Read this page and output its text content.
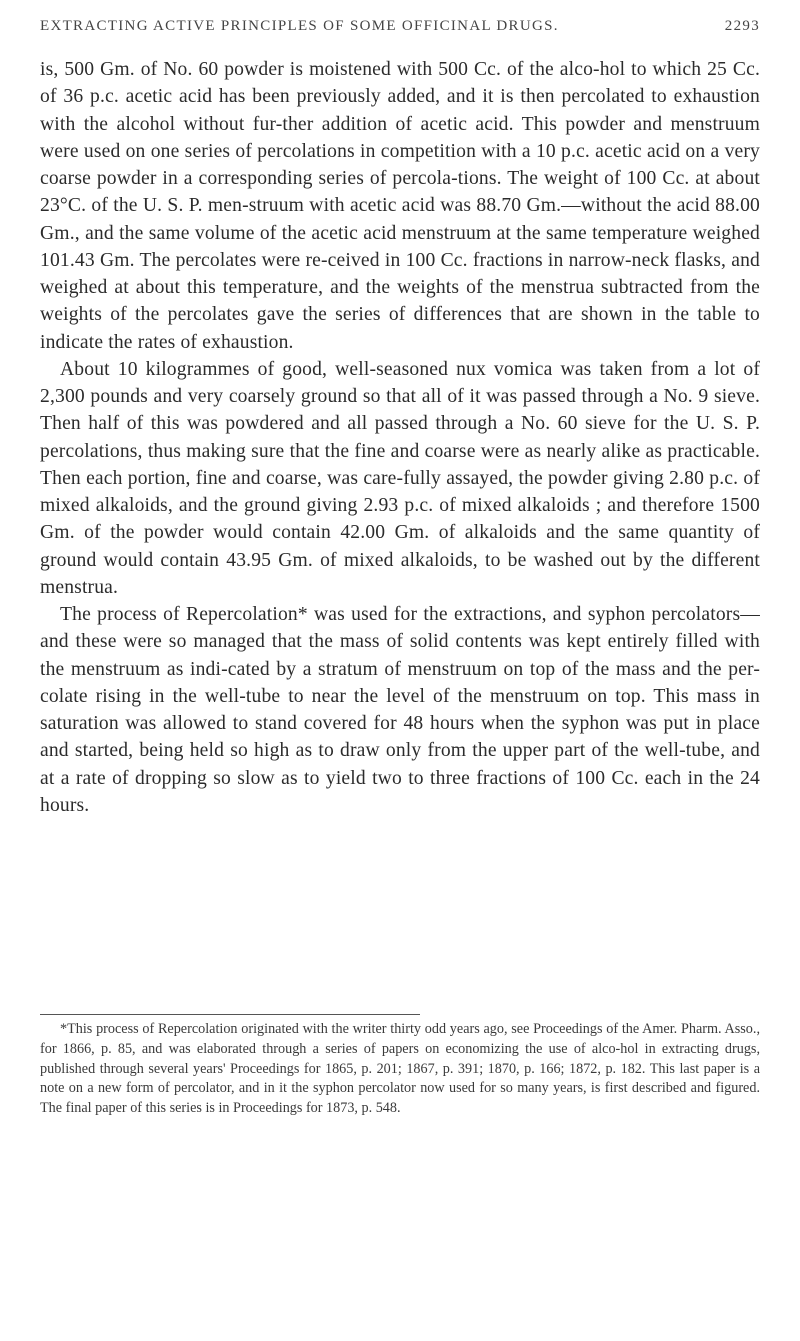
EXTRACTING ACTIVE PRINCIPLES OF SOME OFFICINAL DRUGS.	2293

is, 500 Gm. of No. 60 powder is moistened with 500 Cc. of the alco-hol to which 25 Cc. of 36 p.c. acetic acid has been previously added, and it is then percolated to exhaustion with the alcohol without fur-ther addition of acetic acid. This powder and menstruum were used on one series of percolations in competition with a 10 p.c. acetic acid on a very coarse powder in a corresponding series of percola-tions. The weight of 100 Cc. at about 23°C. of the U. S. P. men-struum with acetic acid was 88.70 Gm.—without the acid 88.00 Gm., and the same volume of the acetic acid menstruum at the same temperature weighed 101.43 Gm. The percolates were re-ceived in 100 Cc. fractions in narrow-neck flasks, and weighed at about this temperature, and the weights of the menstrua subtracted from the weights of the percolates gave the series of differences that are shown in the table to indicate the rates of exhaustion.

About 10 kilogrammes of good, well-seasoned nux vomica was taken from a lot of 2,300 pounds and very coarsely ground so that all of it was passed through a No. 9 sieve. Then half of this was powdered and all passed through a No. 60 sieve for the U. S. P. percolations, thus making sure that the fine and coarse were as nearly alike as practicable. Then each portion, fine and coarse, was care-fully assayed, the powder giving 2.80 p.c. of mixed alkaloids, and the ground giving 2.93 p.c. of mixed alkaloids ; and therefore 1500 Gm. of the powder would contain 42.00 Gm. of alkaloids and the same quantity of ground would contain 43.95 Gm. of mixed alkaloids, to be washed out by the different menstrua.

The process of Repercolation* was used for the extractions, and syphon percolators—and these were so managed that the mass of solid contents was kept entirely filled with the menstruum as indi-cated by a stratum of menstruum on top of the mass and the per-colate rising in the well-tube to near the level of the menstruum on top. This mass in saturation was allowed to stand covered for 48 hours when the syphon was put in place and started, being held so high as to draw only from the upper part of the well-tube, and at a rate of dropping so slow as to yield two to three fractions of 100 Cc. each in the 24 hours.

*This process of Repercolation originated with the writer thirty odd years ago, see Proceedings of the Amer. Pharm. Asso., for 1866, p. 85, and was elaborated through a series of papers on economizing the use of alco-hol in extracting drugs, published through several years' Proceedings for 1865, p. 201; 1867, p. 391; 1870, p. 166; 1872, p. 182. This last paper is a note on a new form of percolator, and in it the syphon percolator now used for so many years, is first described and figured. The final paper of this series is in Proceedings for 1873, p. 548.
